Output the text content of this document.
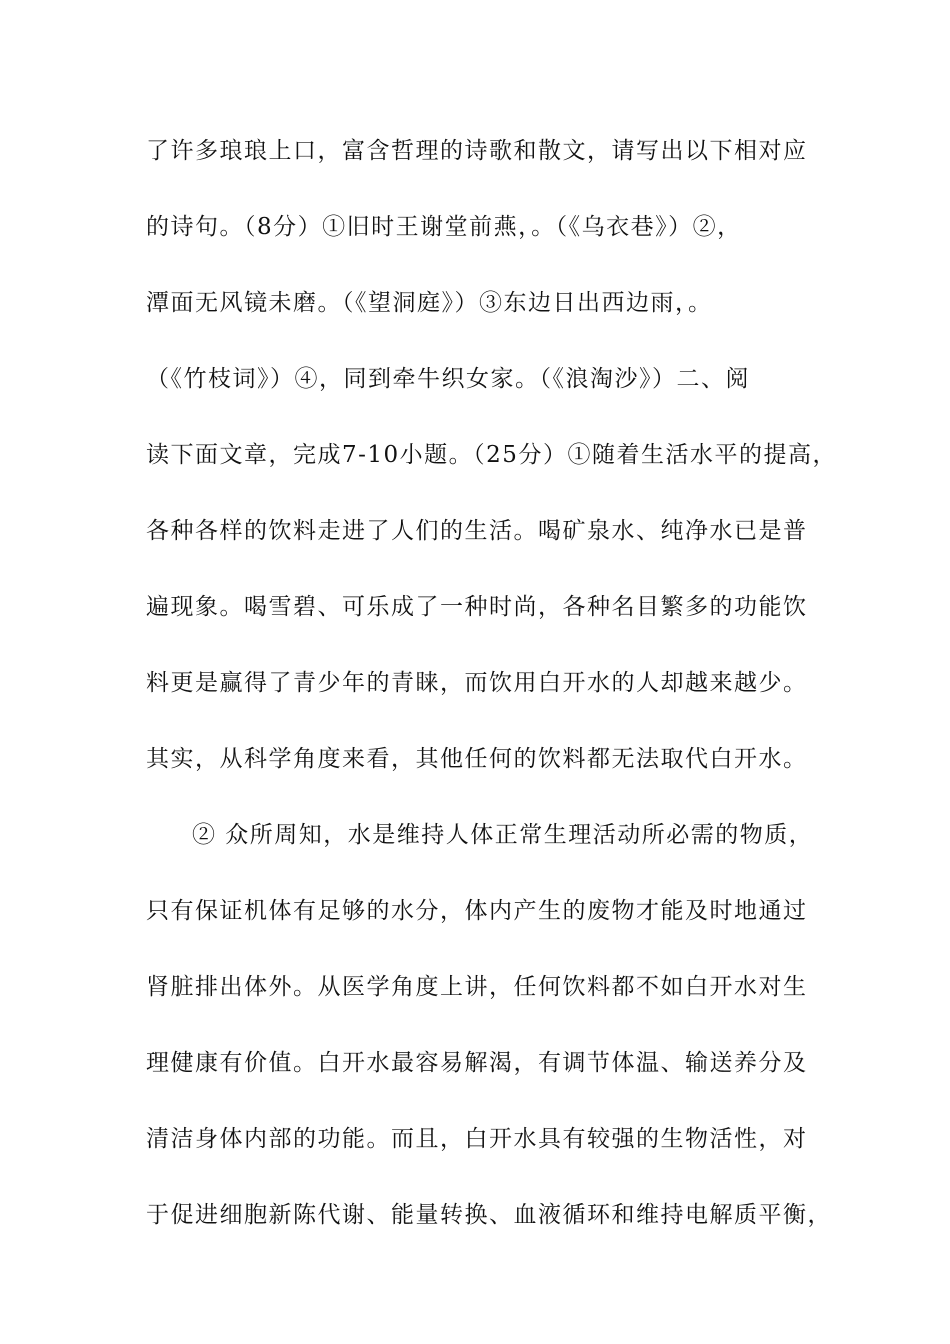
了许多琅琅上口，富含哲理的诗歌和散文，请写出以下相对应
的诗句。（8分）①旧时王谢堂前燕，。（《乌衣巷》）②，
潭面无风镜未磨。（《望洞庭》）③东边日出西边雨，。
（《竹枝词》）④，同到牵牛织女家。（《浪淘沙》）二、阅
读下面文章，完成7-10小题。（25分）①随着生活水平的提高，
各种各样的饮料走进了人们的生活。喝矿泉水、纯净水已是普
遍现象。喝雪碧、可乐成了一种时尚，各种名目繁多的功能饮
料更是赢得了青少年的青睐，而饮用白开水的人却越来越少。
其实，从科学角度来看，其他任何的饮料都无法取代白开水。
② 众所周知，水是维持人体正常生理活动所必需的物质，
只有保证机体有足够的水分，体内产生的废物才能及时地通过
肾脏排出体外。从医学角度上讲，任何饮料都不如白开水对生
理健康有价值。白开水最容易解渴，有调节体温、输送养分及
清洁身体内部的功能。而且，白开水具有较强的生物活性，对
于促进细胞新陈代谢、能量转换、血液循环和维持电解质平衡，
